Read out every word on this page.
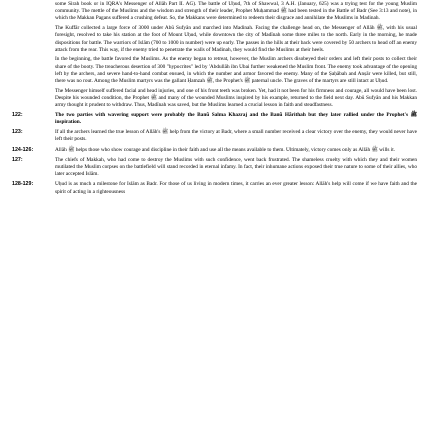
some Sirah book or in IQRA's Messenger of Allāh Part II. AG). The battle of Uḥud, 7th of Shawwal, 3 A.H. (January, 625) was a trying test for the young Muslim community. The mettle of the Muslims and the wisdom and strength of their leader, Prophet Muḥammad ﷺ had been tested in the Battle of Badr (See 3:13 and note), in which the Makkan Pagans suffered a crushing defeat. So, the Makkans were determined to redeem their disgrace and annihilate the Muslims in Madinah.

The Kuffār collected a large force of 3000 under Abū Sufyān and marched into Madinah. Facing the challenge head on, the Messenger of Allāh ﷺ, with his usual foresight, resolved to take his station at the foot of Mount Uḥud, while downtown the city of Madīnah some three miles to the north. Early in the morning, he made dispositions for battle. The warriors of Islām (700 to 1000 in number) were up early. The passes in the hills at their back were covered by 50 archers to head off an enemy attack from the rear. This way, if the enemy tried to penetrate the walls of Madinah, they would find the Muslims at their heels.

In the beginning, the battle favored the Muslims. As the enemy began to retreat, however, the Muslim archers disobeyed their orders and left their posts to collect their share of the booty. The treacherous desertion of 300 "hypocrites" led by 'Abdullāh ibn Ubai further weakened the Muslim front. The enemy took advantage of the opening left by the archers, and severe hand-to-hand combat ensued, in which the number and armor favored the enemy. Many of the Ṣaḥābah and Anṣār were killed, but still, there was no rout. Among the Muslim martyrs was the gallant Ḥamzah ﷺ, the Prophet's ﷺ paternal uncle. The graves of the martyrs are still intact at Uḥud.

The Messenger himself suffered facial and head injuries, and one of his front teeth was broken. Yet, had it not been for his firmness and courage, all would have been lost. Despite his wounded condition, the Prophet ﷺ and many of the wounded Muslims inspired by his example, returned to the field next day. Abū Sufyān and his Makkan army thought it prudent to withdraw. Thus, Madīnah was saved, but the Muslims learned a crucial lesson in faith and steadfastness.

122:	The two parties with wavering support were probably the Banū Salma Khazraj and the Banū Hārithah but they later rallied under the Prophet's ﷺ inspiration.
123:	If all the archers learned the true lesson of Allāh's ﷺ help from the victory at Badr, where a small number received a clear victory over the enemy, they would never have left their posts.
124-126:	Allāh ﷺ helps those who show courage and discipline in their faith and use all the means available to them. Ultimately, victory comes only as Allāh ﷺ wills it.
127:	The chiefs of Makkah, who had come to destroy the Muslims with such confidence, went back frustrated. The shameless cruelty with which they and their women mutilated the Muslim corpses on the battlefield will stand recorded in eternal infamy. In fact, their inhumane actions exposed their true nature to some of their allies, who later accepted Islām.
128-129:	Uḥud is as much a milestone for Islām as Badr. For those of us living in modern times, it carries an ever greater lesson: Allāh's help will come if we have faith and the spirit of acting in a righteousness
